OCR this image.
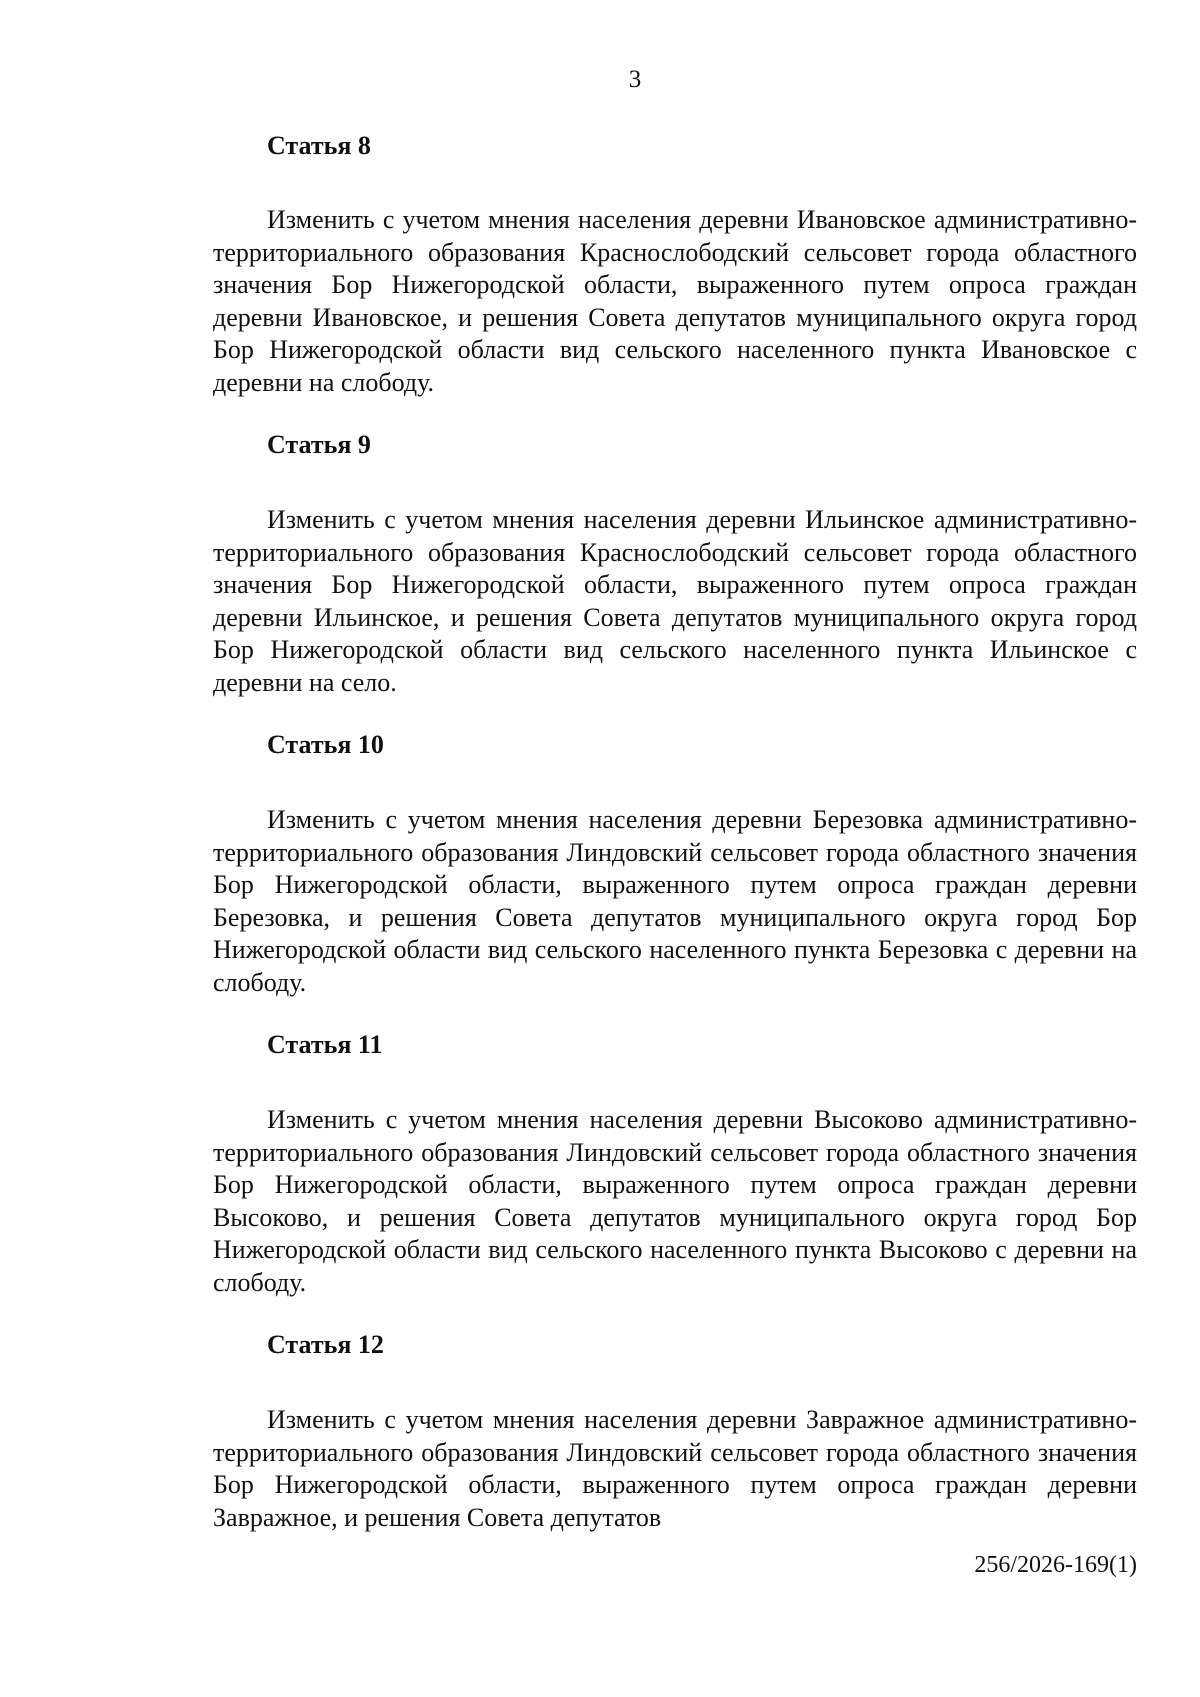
3

Статья 8

Изменить с учетом мнения населения деревни Ивановское административно-территориального образования Краснослободский сельсовет города областного значения Бор Нижегородской области, выраженного путем опроса граждан деревни Ивановское, и решения Совета депутатов муниципального округа город Бор Нижегородской области вид сельского населенного пункта Ивановское с деревни на слободу.

Статья 9

Изменить с учетом мнения населения деревни Ильинское административно-территориального образования Краснослободский сельсовет города областного значения Бор Нижегородской области, выраженного путем опроса граждан деревни Ильинское, и решения Совета депутатов муниципального округа город Бор Нижегородской области вид сельского населенного пункта Ильинское с деревни на село.

Статья 10

Изменить с учетом мнения населения деревни Березовка административно-территориального образования Линдовский сельсовет города областного значения Бор Нижегородской области, выраженного путем опроса граждан деревни Березовка, и решения Совета депутатов муниципального округа город Бор Нижегородской области вид сельского населенного пункта Березовка с деревни на слободу.

Статья 11

Изменить с учетом мнения населения деревни Высоково административно-территориального образования Линдовский сельсовет города областного значения Бор Нижегородской области, выраженного путем опроса граждан деревни Высоково, и решения Совета депутатов муниципального округа город Бор Нижегородской области вид сельского населенного пункта Высоково с деревни на слободу.

Статья 12

Изменить с учетом мнения населения деревни Завражное административно-территориального образования Линдовский сельсовет города областного значения Бор Нижегородской области, выраженного путем опроса граждан деревни Завражное, и решения Совета депутатов

256/2026-169(1)
